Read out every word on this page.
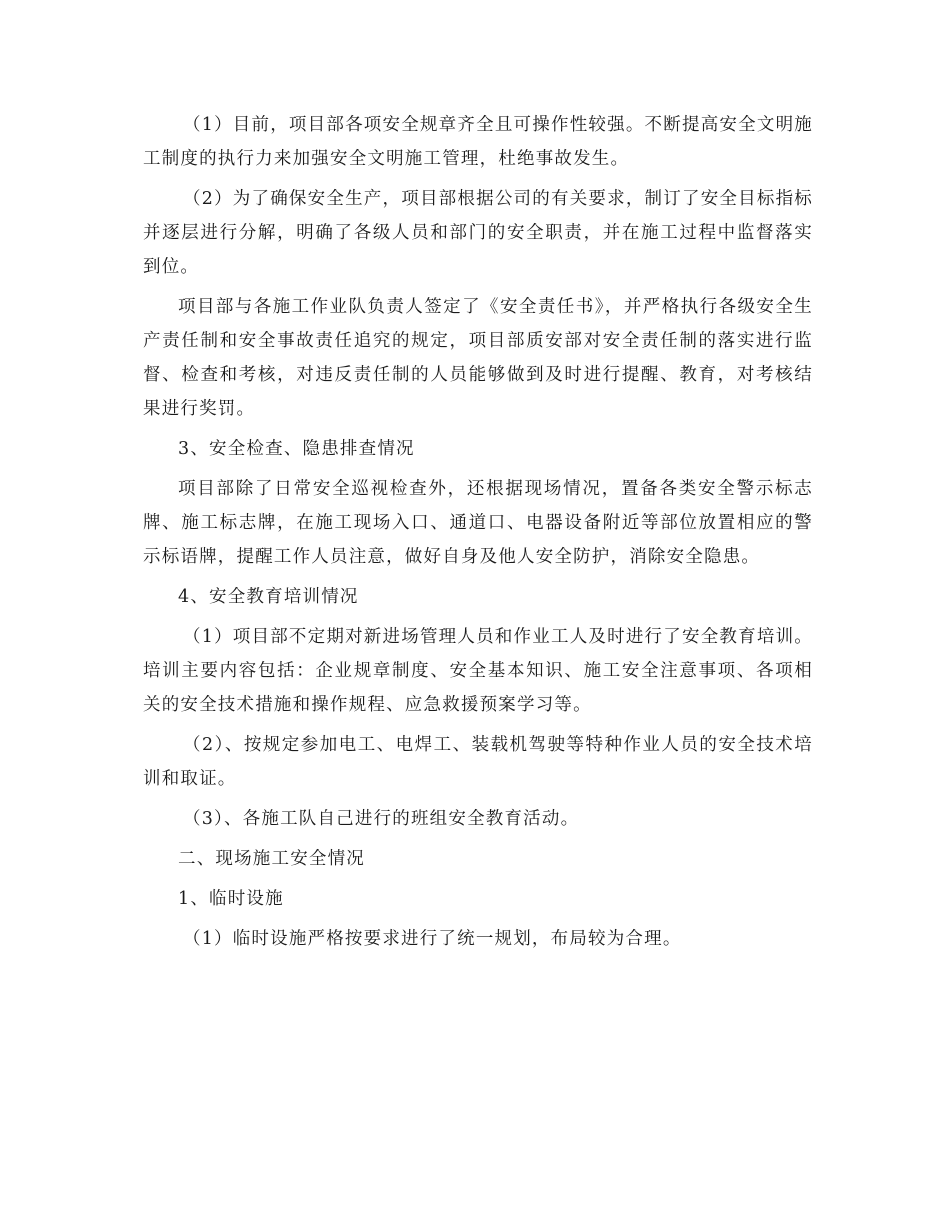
（1）目前，项目部各项安全规章齐全且可操作性较强。不断提高安全文明施工制度的执行力来加强安全文明施工管理，杜绝事故发生。

（2）为了确保安全生产，项目部根据公司的有关要求，制订了安全目标指标并逐层进行分解，明确了各级人员和部门的安全职责，并在施工过程中监督落实到位。

项目部与各施工作业队负责人签定了《安全责任书》，并严格执行各级安全生产责任制和安全事故责任追究的规定，项目部质安部对安全责任制的落实进行监督、检查和考核，对违反责任制的人员能够做到及时进行提醒、教育，对考核结果进行奖罚。

3、安全检查、隐患排查情况

项目部除了日常安全巡视检查外，还根据现场情况，置备各类安全警示标志牌、施工标志牌，在施工现场入口、通道口、电器设备附近等部位放置相应的警示标语牌，提醒工作人员注意，做好自身及他人安全防护，消除安全隐患。

4、安全教育培训情况

（1）项目部不定期对新进场管理人员和作业工人及时进行了安全教育培训。培训主要内容包括：企业规章制度、安全基本知识、施工安全注意事项、各项相关的安全技术措施和操作规程、应急救援预案学习等。

（2）、按规定参加电工、电焊工、装载机驾驶等特种作业人员的安全技术培训和取证。

（3）、各施工队自己进行的班组安全教育活动。

二、现场施工安全情况

1、临时设施

（1）临时设施严格按要求进行了统一规划，布局较为合理。
